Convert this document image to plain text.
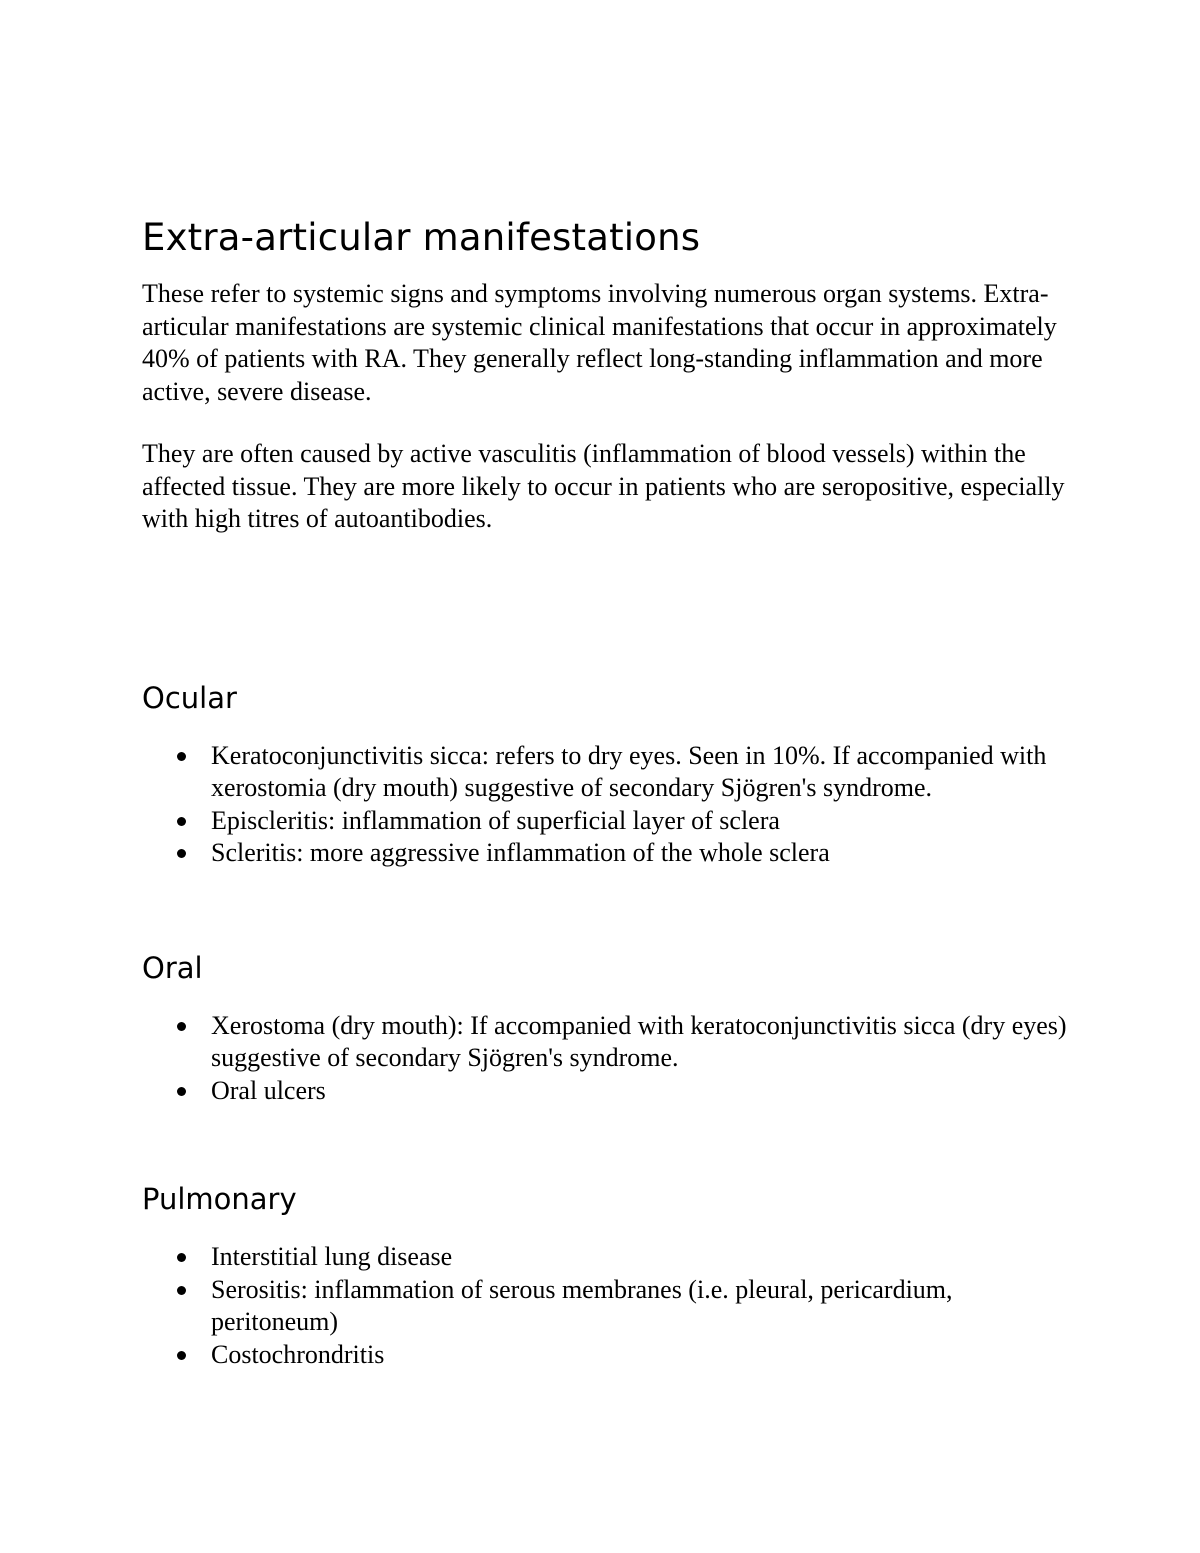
Extra-articular manifestations

These refer to systemic signs and symptoms involving numerous organ systems. Extra-articular manifestations are systemic clinical manifestations that occur in approximately 40% of patients with RA. They generally reflect long-standing inflammation and more active, severe disease.

They are often caused by active vasculitis (inflammation of blood vessels) within the affected tissue. They are more likely to occur in patients who are seropositive, especially with high titres of autoantibodies.

Ocular
Keratoconjunctivitis sicca: refers to dry eyes. Seen in 10%. If accompanied with xerostomia (dry mouth) suggestive of secondary Sjögren's syndrome.
Episcleritis: inflammation of superficial layer of sclera
Scleritis: more aggressive inflammation of the whole sclera
Oral
Xerostoma (dry mouth): If accompanied with keratoconjunctivitis sicca (dry eyes) suggestive of secondary Sjögren's syndrome.
Oral ulcers
Pulmonary
Interstitial lung disease
Serositis: inflammation of serous membranes (i.e. pleural, pericardium, peritoneum)
Costochrondritis
